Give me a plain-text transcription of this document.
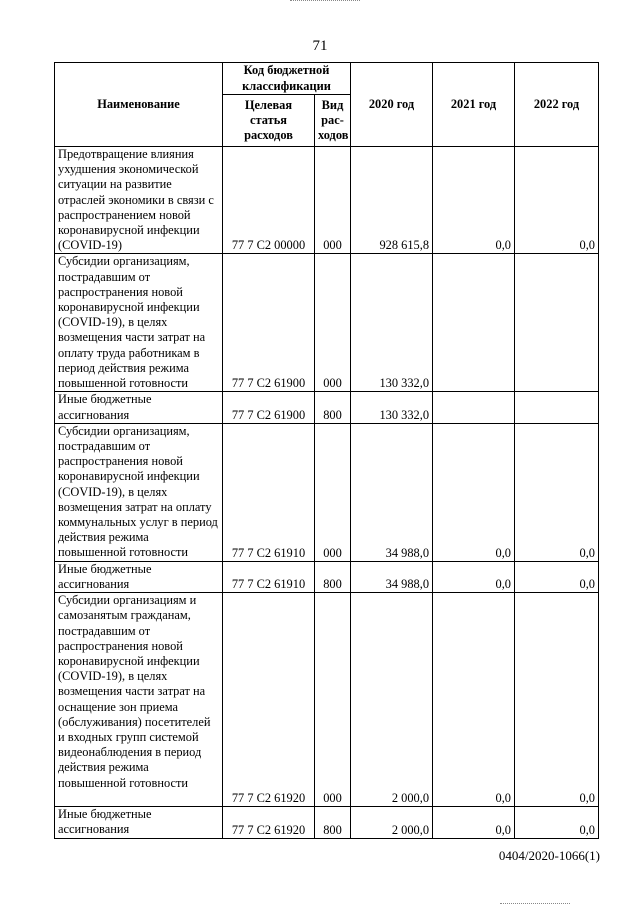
71
Наименование	Код бюджетной классификации		2020 год	2021 год	2022 год
	Целевая статья расходов	Вид рас-ходов			
Предотвращение влияния ухудшения экономической ситуации на развитие отраслей экономики в связи с распространением новой коронавирусной инфекции (COVID-19)	77 7 C2 00000	000	928 615,8	0,0	0,0
Субсидии организациям, пострадавшим от распространения новой коронавирусной инфекции (COVID-19), в целях возмещения части затрат на оплату труда работникам в период действия режима повышенной готовности	77 7 C2 61900	000	130 332,0		
Иные бюджетные ассигнования	77 7 C2 61900	800	130 332,0		
Субсидии организациям, пострадавшим от распространения новой коронавирусной инфекции (COVID-19), в целях возмещения затрат на оплату коммунальных услуг в период действия режима повышенной готовности	77 7 C2 61910	000	34 988,0	0,0	0,0
Иные бюджетные ассигнования	77 7 C2 61910	800	34 988,0	0,0	0,0
Субсидии организациям и самозанятым гражданам, пострадавшим от распространения новой коронавирусной инфекции (COVID-19), в целях возмещения части затрат на оснащение зон приема (обслуживания) посетителей и входных групп системой видеонаблюдения в период действия режима повышенной готовности	77 7 C2 61920	000	2 000,0	0,0	0,0
Иные бюджетные ассигнования	77 7 C2 61920	800	2 000,0	0,0	0,0
0404/2020-1066(1)
